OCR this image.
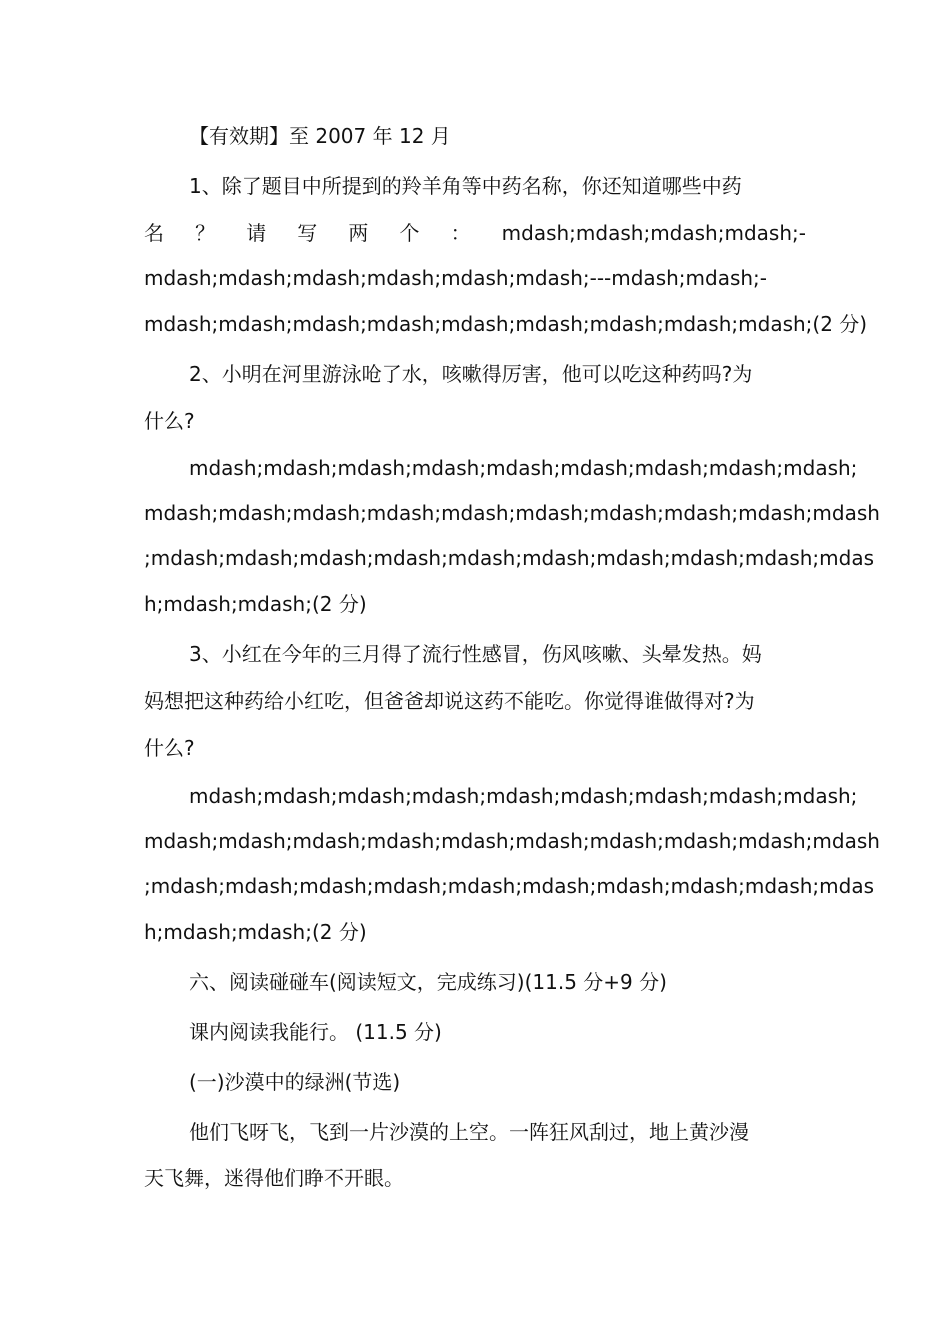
【有效期】至 2007 年 12 月
1、除了题目中所提到的羚羊角等中药名称，你还知道哪些中药
名 ？ 请 写 两 个 ： mdash;mdash;mdash;mdash;-
mdash;mdash;mdash;mdash;mdash;mdash;---mdash;mdash;-
mdash;mdash;mdash;mdash;mdash;mdash;mdash;mdash;mdash;(2 分)
2、小明在河里游泳呛了水，咳嗽得厉害，他可以吃这种药吗?为
什么?
mdash;mdash;mdash;mdash;mdash;mdash;mdash;mdash;mdash;
mdash;mdash;mdash;mdash;mdash;mdash;mdash;mdash;mdash;mdash
;mdash;mdash;mdash;mdash;mdash;mdash;mdash;mdash;mdash;mdas
h;mdash;mdash;(2 分)
3、小红在今年的三月得了流行性感冒，伤风咳嗽、头晕发热。妈
妈想把这种药给小红吃，但爸爸却说这药不能吃。你觉得谁做得对?为
什么?
mdash;mdash;mdash;mdash;mdash;mdash;mdash;mdash;mdash;
mdash;mdash;mdash;mdash;mdash;mdash;mdash;mdash;mdash;mdash
;mdash;mdash;mdash;mdash;mdash;mdash;mdash;mdash;mdash;mdas
h;mdash;mdash;(2 分)
六、阅读碰碰车(阅读短文，完成练习)(11.5 分+9 分)
课内阅读我能行。 (11.5 分)
(一)沙漠中的绿洲(节选)
他们飞呀飞，飞到一片沙漠的上空。一阵狂风刮过，地上黄沙漫
天飞舞，迷得他们睁不开眼。
